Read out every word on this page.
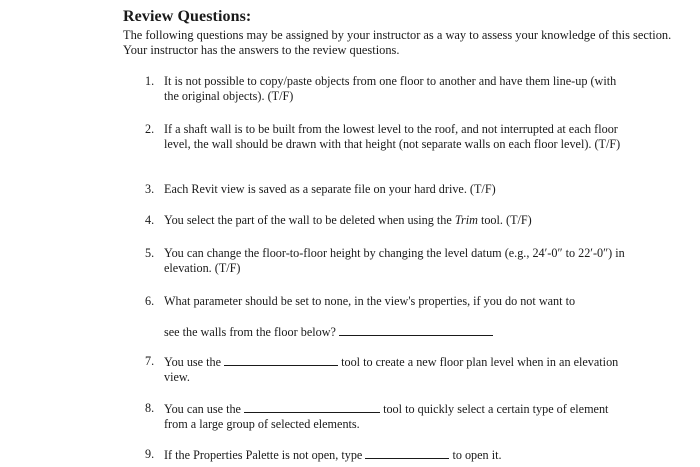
Review Questions:
The following questions may be assigned by your instructor as a way to assess your knowledge of this section. Your instructor has the answers to the review questions.
1. It is not possible to copy/paste objects from one floor to another and have them line-up (with the original objects). (T/F)
2. If a shaft wall is to be built from the lowest level to the roof, and not interrupted at each floor level, the wall should be drawn with that height (not separate walls on each floor level). (T/F)
3. Each Revit view is saved as a separate file on your hard drive. (T/F)
4. You select the part of the wall to be deleted when using the Trim tool. (T/F)
5. You can change the floor-to-floor height by changing the level datum (e.g., 24′-0″ to 22′-0″) in elevation. (T/F)
6. What parameter should be set to none, in the view's properties, if you do not want to
see the walls from the floor below?
7. You use the	tool to create a new floor plan level when in an elevation view.
8. You can use the	tool to quickly select a certain type of element from a large group of selected elements.
9. If the Properties Palette is not open, type	to open it.
